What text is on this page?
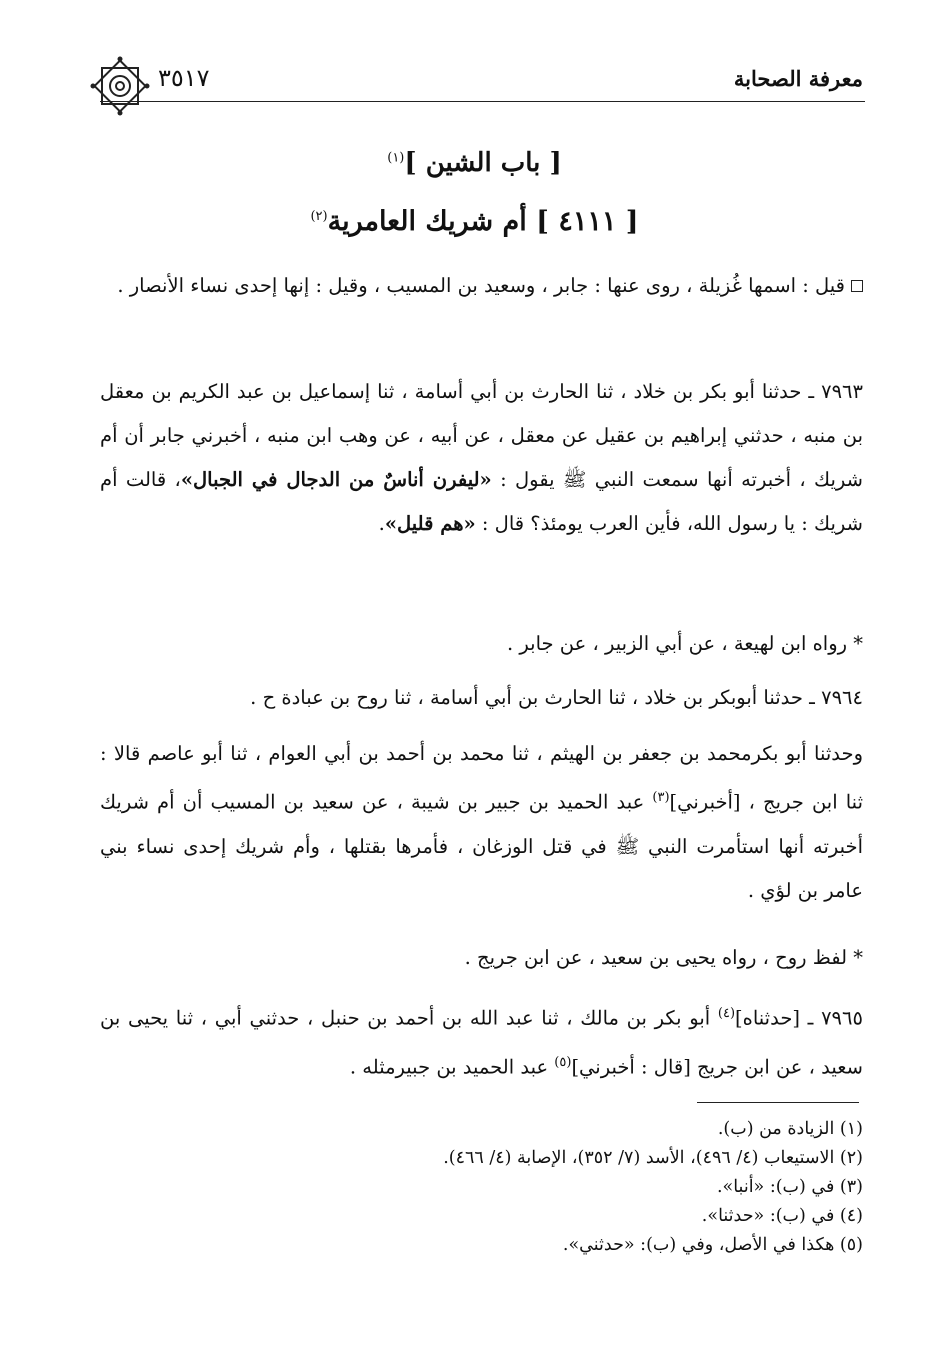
معرفة الصحابة
٣٥١٧
[ باب الشين ]$^{(١)}$
[ ٤١١١ ] أم شريك العامرية$^{(٢)}$
قيل : اسمها غُزيلة ، روى عنها : جابر ، وسعيد بن المسيب ، وقيل : إنها إحدى نساء الأنصار .
٧٩٦٣ ـ حدثنا أبو بكر بن خلاد ، ثنا الحارث بن أبي أسامة ، ثنا إسماعيل بن عبد الكريم بن معقل بن منبه ، حدثني إبراهيم بن عقيل عن معقل ، عن أبيه ، عن وهب ابن منبه ، أخبرني جابر أن أم شريك ، أخبرته أنها سمعت النبي ﷺ يقول : «ليفرن أناسٌ من الدجال في الجبال»، قالت أم شريك : يا رسول الله، فأين العرب يومئذ؟ قال : «هم قليل».
* رواه ابن لهيعة ، عن أبي الزبير ، عن جابر .
٧٩٦٤ ـ حدثنا أبوبكر بن خلاد ، ثنا الحارث بن أبي أسامة ، ثنا روح بن عبادة ح .
وحدثنا أبو بكرمحمد بن جعفر بن الهيثم ، ثنا محمد بن أحمد بن أبي العوام ، ثنا أبو عاصم قالا : ثنا ابن جريج ، [أخبرني]$^{(٣)}$ عبد الحميد بن جبير بن شيبة ، عن سعيد بن المسيب أن أم شريك أخبرته أنها استأمرت النبي ﷺ في قتل الوزغان ، فأمرها بقتلها ، وأم شريك إحدى نساء بني عامر بن لؤي .
* لفظ روح ، رواه يحيى بن سعيد ، عن ابن جريج .
٧٩٦٥ ـ [حدثناه]$^{(٤)}$ أبو بكر بن مالك ، ثنا عبد الله بن أحمد بن حنبل ، حدثني أبي ، ثنا يحيى بن سعيد ، عن ابن جريج [قال : أخبرني]$^{(٥)}$ عبد الحميد بن جبيرمثله .
(١) الزيادة من (ب).
(٢) الاستيعاب (٤/ ٤٩٦)، الأسد (٧/ ٣٥٢)، الإصابة (٤/ ٤٦٦).
(٣) في (ب): «أنبا».
(٤) في (ب): «حدثنا».
(٥) هكذا في الأصل، وفي (ب): «حدثني».
